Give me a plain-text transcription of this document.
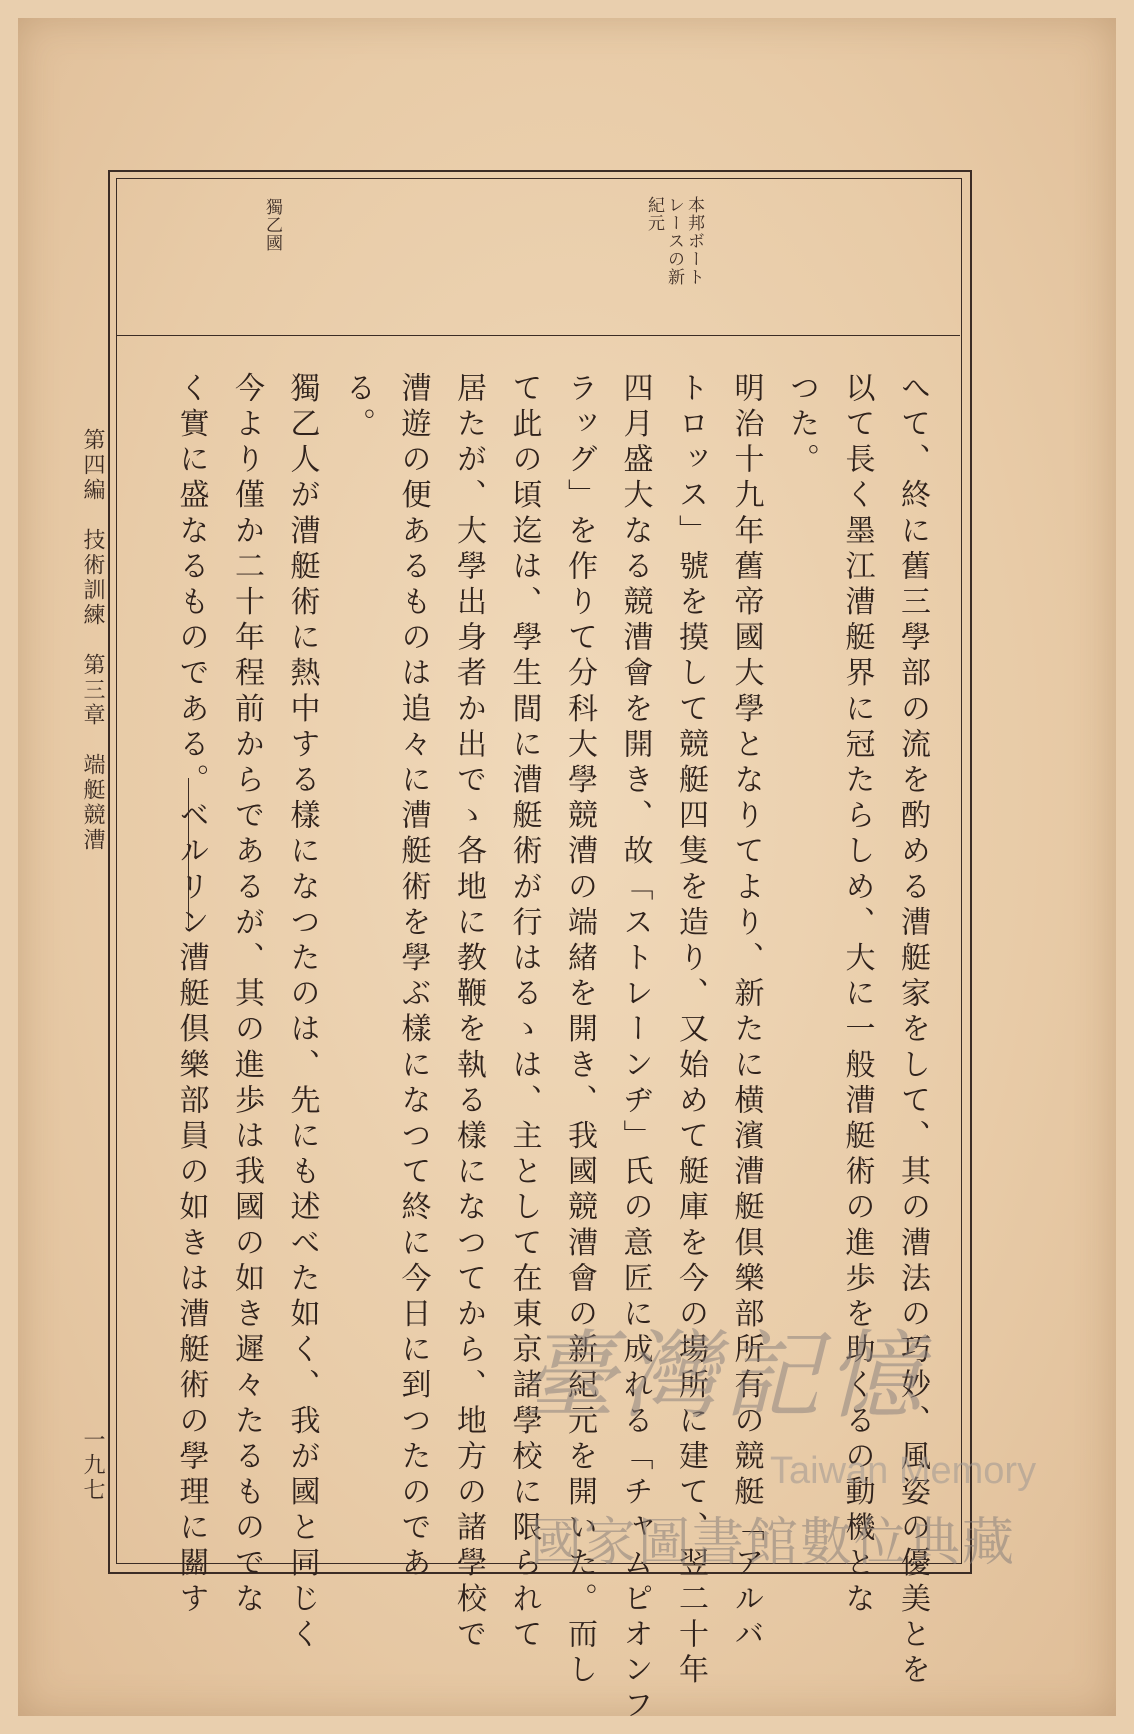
本邦ボート
レースの新
紀元
獨乙國
へて、終に舊三學部の流を酌める漕艇家をして、其の漕法の巧妙、風姿の優美とを
以て長く墨江漕艇界に冠たらしめ、大に一般漕艇術の進歩を助くるの動機とな
つた。
明治十九年舊帝國大學となりてより、新たに横濱漕艇倶樂部所有の競艇「アルバ
トロッス」號を摸して競艇四隻を造り、又始めて艇庫を今の場所に建て、翌二十年
四月盛大なる競漕會を開き、故「ストレーンヂ」氏の意匠に成れる「チャムピオンフ
ラッグ」を作りて分科大學競漕の端緒を開き、我國競漕會の新紀元を開いた。而し
て此の頃迄は、學生間に漕艇術が行はるゝは、主として在東京諸學校に限られて
居たが、大學出身者か出でゝ各地に教鞭を執る樣になつてから、地方の諸學校で
漕遊の便あるものは追々に漕艇術を學ぶ樣になつて終に今日に到つたのであ
る。
獨乙人が漕艇術に熱中する樣になつたのは、先にも述べた如く、我が國と同じく
今より僅か二十年程前からであるが、其の進歩は我國の如き遲々たるものでな
く實に盛なるものである。ベルリン漕艇倶樂部員の如きは漕艇術の學理に關す
第四編　技術訓練　第三章　端艇競漕
一九七
臺灣記憶
Taiwan Memory
國家圖書館數位典藏
